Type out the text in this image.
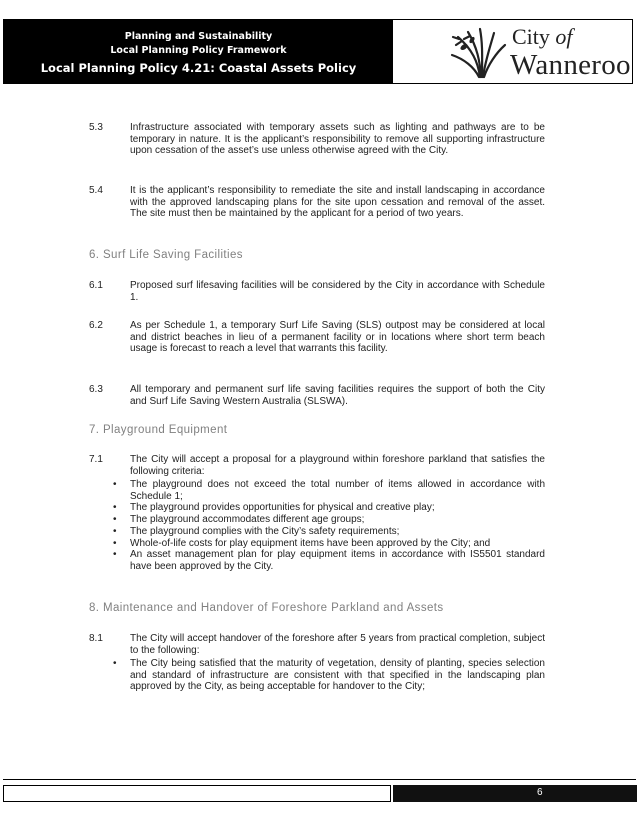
Planning and Sustainability
Local Planning Policy Framework
Local Planning Policy 4.21: Coastal Assets Policy
City of
Wanneroo
5.3	Infrastructure associated with temporary assets such as lighting and pathways are to be temporary in nature. It is the applicant’s responsibility to remove all supporting infrastructure upon cessation of the asset’s use unless otherwise agreed with the City.
5.4	It is the applicant’s responsibility to remediate the site and install landscaping in accordance with the approved landscaping plans for the site upon cessation and removal of the asset. The site must then be maintained by the applicant for a period of two years.
6. Surf Life Saving Facilities
6.1	Proposed surf lifesaving facilities will be considered by the City in accordance with Schedule 1.
6.2	As per Schedule 1, a temporary Surf Life Saving (SLS) outpost may be considered at local and district beaches in lieu of a permanent facility or in locations where short term beach usage is forecast to reach a level that warrants this facility.
6.3	All temporary and permanent surf life saving facilities requires the support of both the City and Surf Life Saving Western Australia (SLSWA).
7. Playground Equipment
7.1	The City will accept a proposal for a playground within foreshore parkland that satisfies the following criteria:
• The playground does not exceed the total number of items allowed in accordance with Schedule 1;
• The playground provides opportunities for physical and creative play;
• The playground accommodates different age groups;
• The playground complies with the City’s safety requirements;
• Whole-of-life costs for play equipment items have been approved by the City; and
• An asset management plan for play equipment items in accordance with IS5501 standard have been approved by the City.
8. Maintenance and Handover of Foreshore Parkland and Assets
8.1	The City will accept handover of the foreshore after 5 years from practical completion, subject to the following:
• The City being satisfied that the maturity of vegetation, density of planting, species selection and standard of infrastructure are consistent with that specified in the landscaping plan approved by the City, as being acceptable for handover to the City;
6
